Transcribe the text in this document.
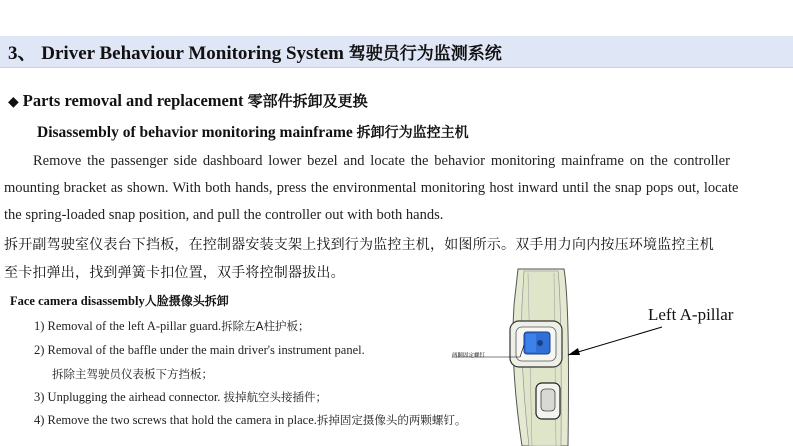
3、 Driver Behaviour Monitoring System 驾驶员行为监测系统
◆ Parts removal and replacement 零部件拆卸及更换
Disassembly of behavior monitoring mainframe 拆卸行为监控主机
Remove the passenger side dashboard lower bezel and locate the behavior monitoring mainframe on the controller
mounting bracket as shown. With both hands, press the environmental monitoring host inward until the snap pops out, locate
the spring-loaded snap position, and pull the controller out with both hands.
拆开副驾驶室仪表台下挡板，在控制器安装支架上找到行为监控主机，如图所示。双手用力向内按压环境监控主机
至卡扣弹出，找到弹簧卡扣位置，双手将控制器拔出。
Face camera disassembly人脸摄像头拆卸
1) Removal of the left A-pillar guard.拆除左A柱护板；
2) Removal of the baffle under the main driver's instrument panel.
拆除主驾驶员仪表板下方挡板；
3) Unplugging the airhead connector. 拔掉航空头接插件；
4) Remove the two screws that hold the camera in place.拆掉固定摄像头的两颗螺钉。
两颗固定螺钉
Left A-pillar
